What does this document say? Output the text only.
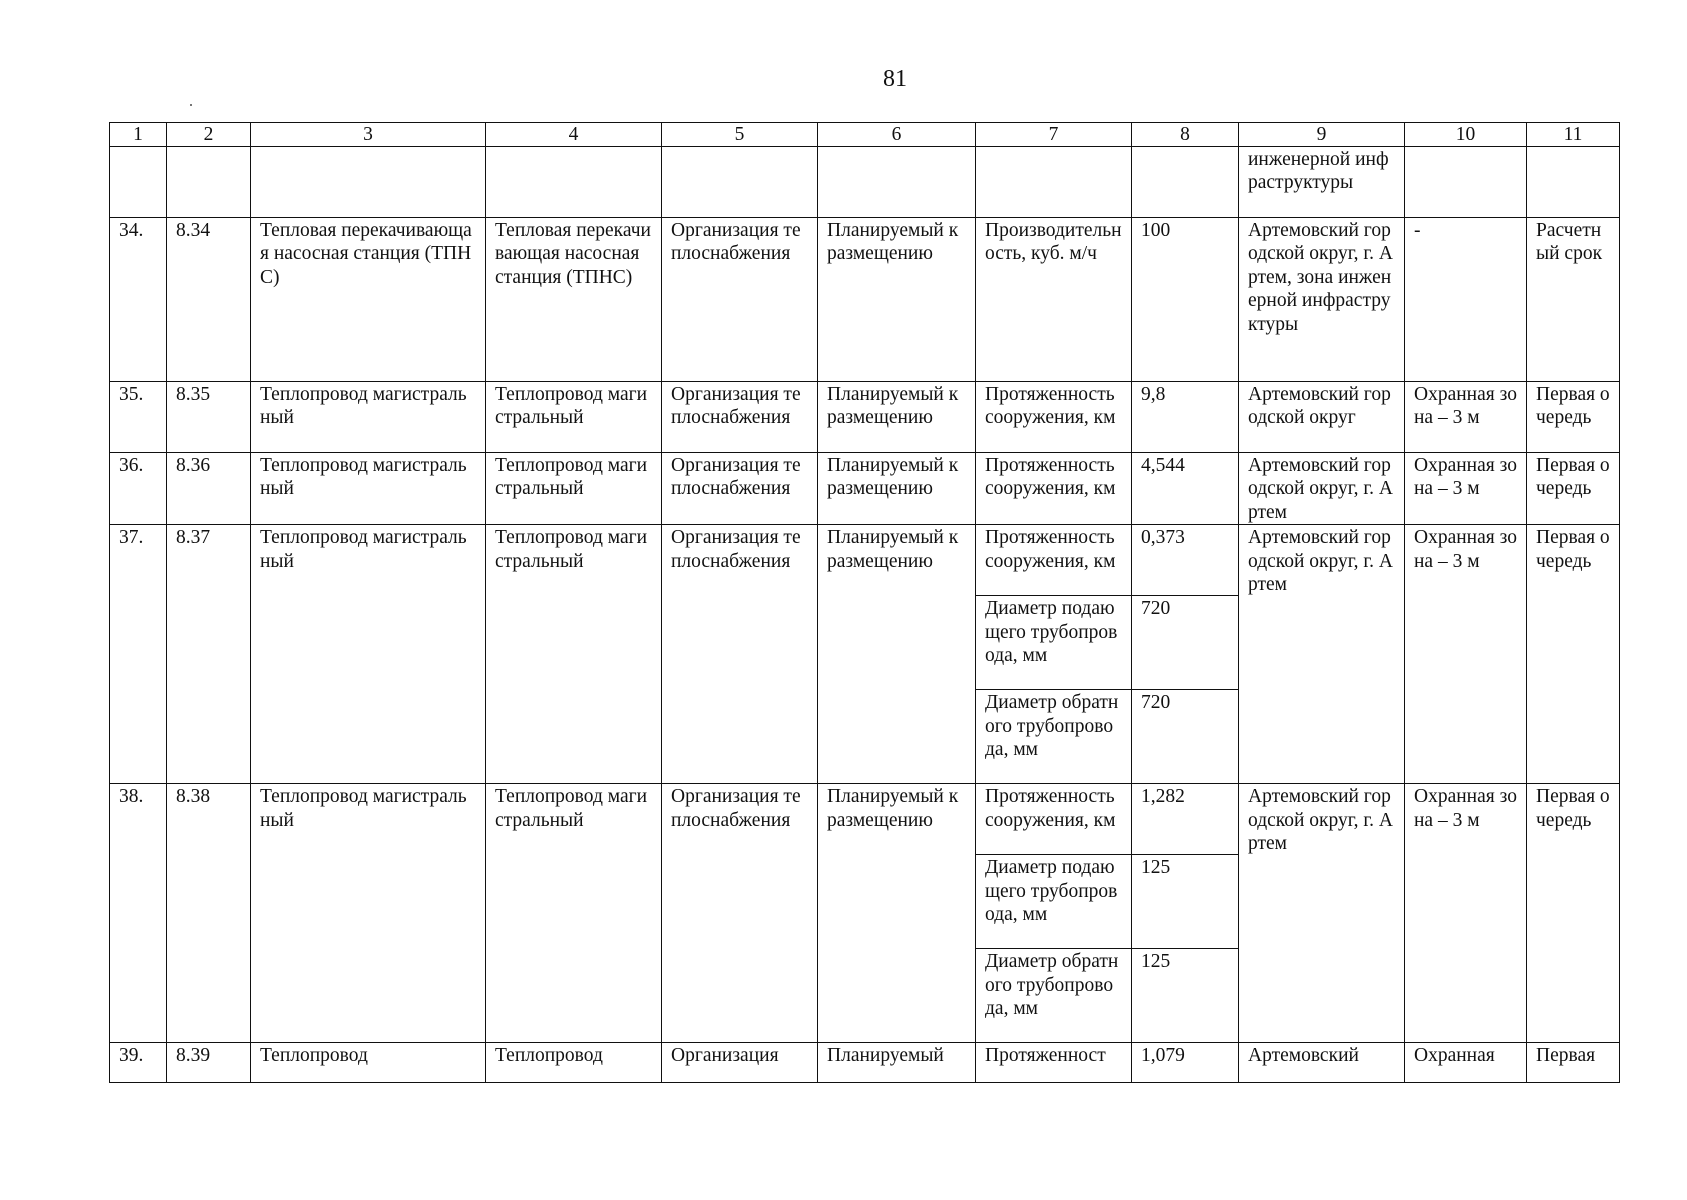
81
1	2	3	4	5	6	7	8	9	10	11
								инженерной инфраструктуры		
34.	8.34	Тепловая перекачивающая насосная станция (ТПНС)	Тепловая перекачивающая насосная станция (ТПНС)	Организация теплоснабжения	Планируемый к размещению	Производительность, куб. м/ч	100	Артемовский городской округ, г. Артем, зона инженерной инфраструктуры	-	Расчетный срок
35.	8.35	Теплопровод магистральный	Теплопровод магистральный	Организация теплоснабжения	Планируемый к размещению	Протяженность сооружения, км	9,8	Артемовский городской округ	Охранная зона – 3 м	Первая очередь
36.	8.36	Теплопровод магистральный	Теплопровод магистральный	Организация теплоснабжения	Планируемый к размещению	Протяженность сооружения, км	4,544	Артемовский городской округ, г. Артем	Охранная зона – 3 м	Первая очередь
37.	8.37	Теплопровод магистральный	Теплопровод магистральный	Организация теплоснабжения	Планируемый к размещению	Протяженность сооружения, км	0,373	Артемовский городской округ, г. Артем	Охранная зона – 3 м	Первая очередь
						Диаметр подающего трубопровода, мм	720			
						Диаметр обратного трубопровода, мм	720			
38.	8.38	Теплопровод магистральный	Теплопровод магистральный	Организация теплоснабжения	Планируемый к размещению	Протяженность сооружения, км	1,282	Артемовский городской округ, г. Артем	Охранная зона – 3 м	Первая очередь
						Диаметр подающего трубопровода, мм	125			
						Диаметр обратного трубопровода, мм	125			
39.	8.39	Теплопровод	Теплопровод	Организация	Планируемый	Протяженност	1,079	Артемовский	Охранная	Первая
